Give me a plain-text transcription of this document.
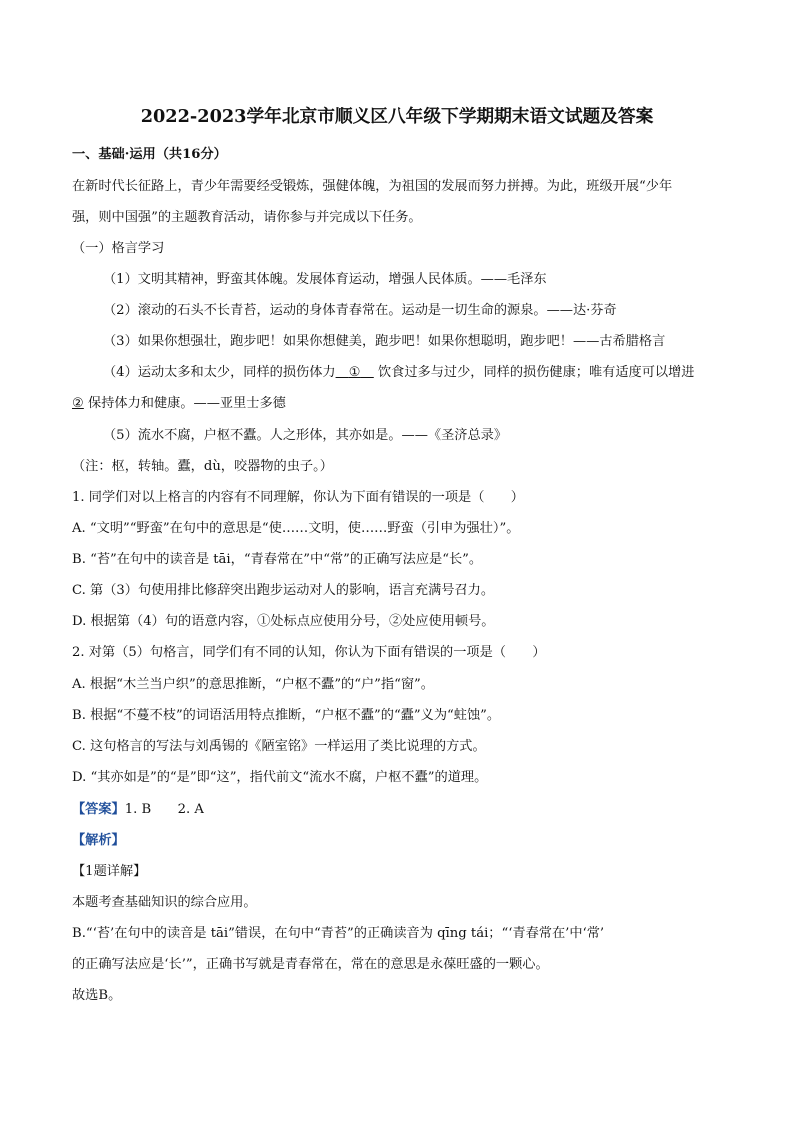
2022-2023学年北京市顺义区八年级下学期期末语文试题及答案
一、基础·运用（共16分）
在新时代长征路上，青少年需要经受锻炼，强健体魄，为祖国的发展而努力拼搏。为此，班级开展“少年
强，则中国强”的主题教育活动，请你参与并完成以下任务。
（一）格言学习
（1）文明其精神，野蛮其体魄。发展体育运动，增强人民体质。——毛泽东
（2）滚动的石头不长青苔，运动的身体青春常在。运动是一切生命的源泉。——达·芬奇
（3）如果你想强壮，跑步吧！如果你想健美，跑步吧！如果你想聪明，跑步吧！——古希腊格言
（4）运动太多和太少，同样的损伤体力  ①  饮食过多与过少，同样的损伤健康；唯有适度可以增进
② 保持体力和健康。——亚里士多德
（5）流水不腐，户枢不蠹。人之形体，其亦如是。——《圣济总录》
（注：枢，转轴。蠹，dù，咬器物的虫子。）
1. 同学们对以上格言的内容有不同理解，你认为下面有错误的一项是（　　）
A. “文明”“野蛮”在句中的意思是“使……文明，使……野蛮（引申为强壮）”。
B. “苔”在句中的读音是 tāi，“青春常在”中“常”的正确写法应是“长”。
C. 第（3）句使用排比修辞突出跑步运动对人的影响，语言充满号召力。
D. 根据第（4）句的语意内容，①处标点应使用分号，②处应使用顿号。
2. 对第（5）句格言，同学们有不同的认知，你认为下面有错误的一项是（　　）
A. 根据“木兰当户织”的意思推断，“户枢不蠹”的“户”指“窗”。
B. 根据“不蔓不枝”的词语活用特点推断，“户枢不蠹”的“蠹”义为“蛀蚀”。
C. 这句格言的写法与刘禹锡的《陋室铭》一样运用了类比说理的方式。
D. “其亦如是”的“是”即“这”，指代前文“流水不腐，户枢不蠹”的道理。
【答案】1. B　　2. A
【解析】
【1题详解】
本题考查基础知识的综合应用。
B.“‘苔’在句中的读音是 tāi”错误，在句中“青苔”的正确读音为 qīng tái；“‘青春常在’中‘常’
的正确写法应是‘长’”，正确书写就是青春常在，常在的意思是永葆旺盛的一颗心。
故选B。
